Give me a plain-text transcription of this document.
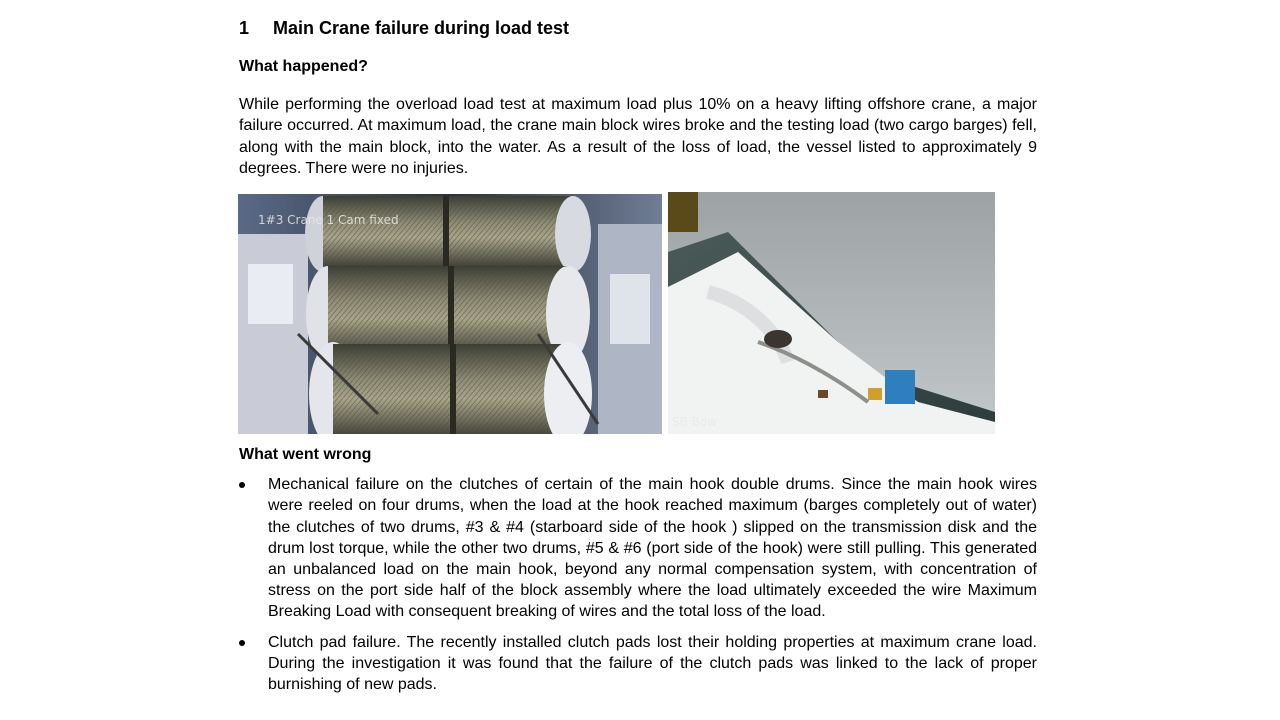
1	Main Crane failure during load test
What happened?
While performing the overload load test at maximum load plus 10% on a heavy lifting offshore crane, a major failure occurred. At maximum load, the crane main block wires broke and the testing load (two cargo barges) fell, along with the main block, into the water. As a result of the loss of load, the vessel listed to approximately 9 degrees. There were no injuries.
1#3 Crane 1 Cam fixed
SB Bow
What went wrong
Mechanical failure on the clutches of certain of the main hook double drums. Since the main hook wires were reeled on four drums, when the load at the hook reached maximum (barges completely out of water) the clutches of two drums, #3 & #4 (starboard side of the hook ) slipped on the transmission disk and the drum lost torque, while the other two drums, #5 & #6 (port side of the hook) were still pulling. This generated an unbalanced load on the main hook, beyond any normal compensation system, with concentration of stress on the port side half of the block assembly where the load ultimately exceeded the wire Maximum Breaking Load with consequent breaking of wires and the total loss of the load.
Clutch pad failure. The recently installed clutch pads lost their holding properties at maximum crane load. During the investigation it was found that the failure of the clutch pads was linked to the lack of proper burnishing of new pads.
